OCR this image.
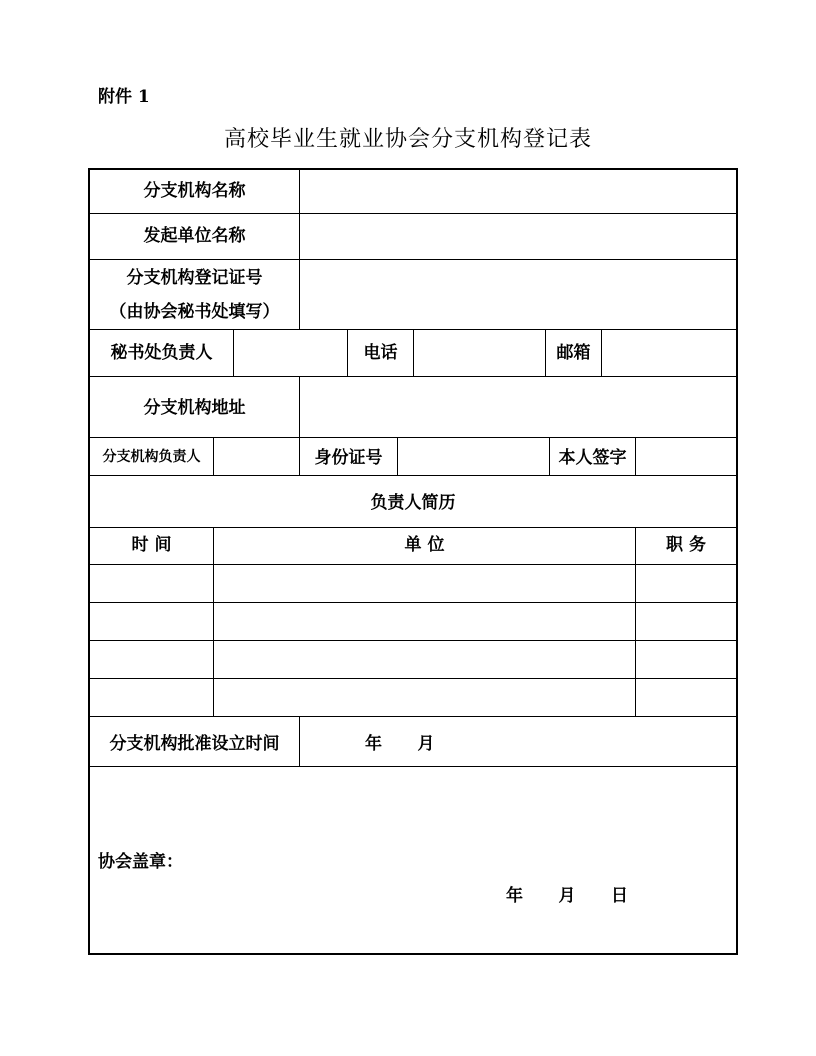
附件 1
高校毕业生就业协会分支机构登记表
分支机构名称
发起单位名称
分支机构登记证号
（由协会秘书处填写）
秘书处负责人	电话	邮箱
分支机构地址
分支机构负责人	身份证号	本人签字
负责人简历
时 间	单 位	职 务
分支机构批准设立时间	年      月
协会盖章：
年      月      日
